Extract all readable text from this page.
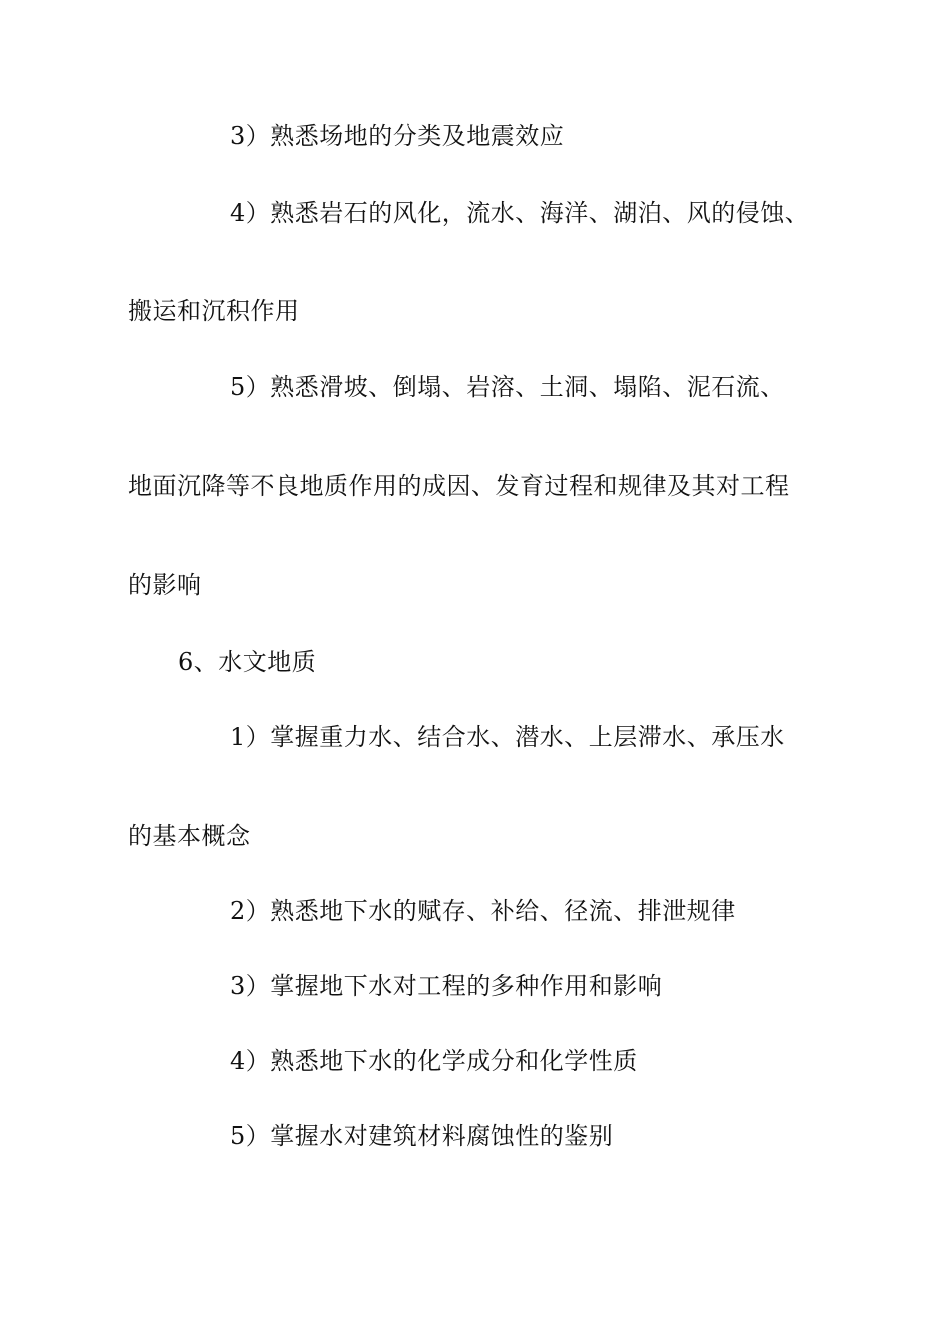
3）熟悉场地的分类及地震效应
4）熟悉岩石的风化，流水、海洋、湖泊、风的侵蚀、
搬运和沉积作用
5）熟悉滑坡、倒塌、岩溶、土洞、塌陷、泥石流、
地面沉降等不良地质作用的成因、发育过程和规律及其对工程
的影响
6、水文地质
1）掌握重力水、结合水、潜水、上层滞水、承压水
的基本概念
2）熟悉地下水的赋存、补给、径流、排泄规律
3）掌握地下水对工程的多种作用和影响
4）熟悉地下水的化学成分和化学性质
5）掌握水对建筑材料腐蚀性的鉴别
